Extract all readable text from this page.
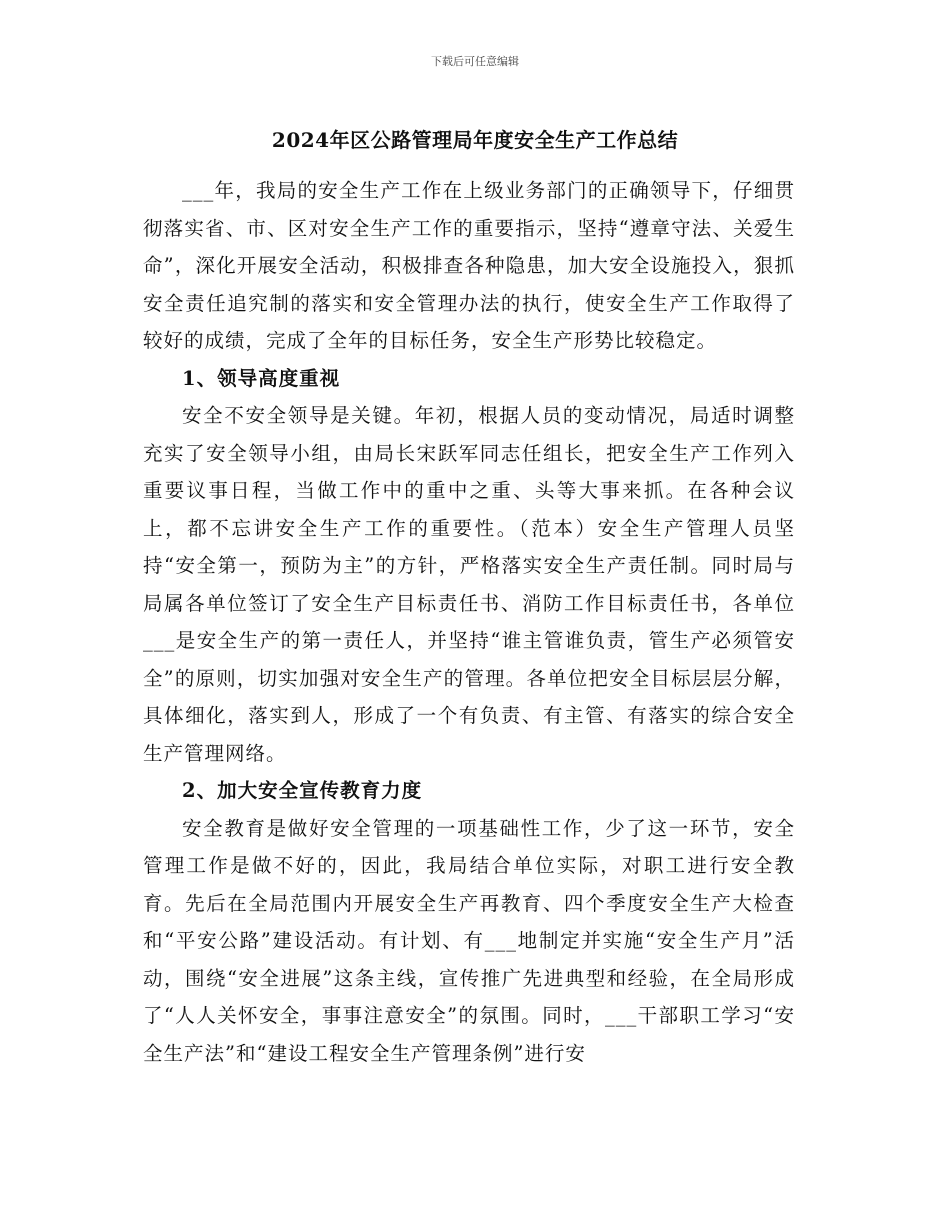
下载后可任意编辑
2024年区公路管理局年度安全生产工作总结

___年，我局的安全生产工作在上级业务部门的正确领导下，仔细贯彻落实省、市、区对安全生产工作的重要指示，坚持“遵章守法、关爱生命”，深化开展安全活动，积极排查各种隐患，加大安全设施投入，狠抓安全责任追究制的落实和安全管理办法的执行，使安全生产工作取得了较好的成绩，完成了全年的目标任务，安全生产形势比较稳定。

1、领导高度重视

安全不安全领导是关键。年初，根据人员的变动情况，局适时调整充实了安全领导小组，由局长宋跃军同志任组长，把安全生产工作列入重要议事日程，当做工作中的重中之重、头等大事来抓。在各种会议上，都不忘讲安全生产工作的重要性。（范本）安全生产管理人员坚持“安全第一，预防为主”的方针，严格落实安全生产责任制。同时局与局属各单位签订了安全生产目标责任书、消防工作目标责任书，各单位___是安全生产的第一责任人，并坚持“谁主管谁负责，管生产必须管安全”的原则，切实加强对安全生产的管理。各单位把安全目标层层分解，具体细化，落实到人，形成了一个有负责、有主管、有落实的综合安全生产管理网络。

2、加大安全宣传教育力度

安全教育是做好安全管理的一项基础性工作，少了这一环节，安全管理工作是做不好的，因此，我局结合单位实际，对职工进行安全教育。先后在全局范围内开展安全生产再教育、四个季度安全生产大检查和“平安公路”建设活动。有计划、有___地制定并实施“安全生产月”活动，围绕“安全进展”这条主线，宣传推广先进典型和经验，在全局形成了“人人关怀安全，事事注意安全”的氛围。同时，___干部职工学习“安全生产法”和“建设工程安全生产管理条例”进行安
